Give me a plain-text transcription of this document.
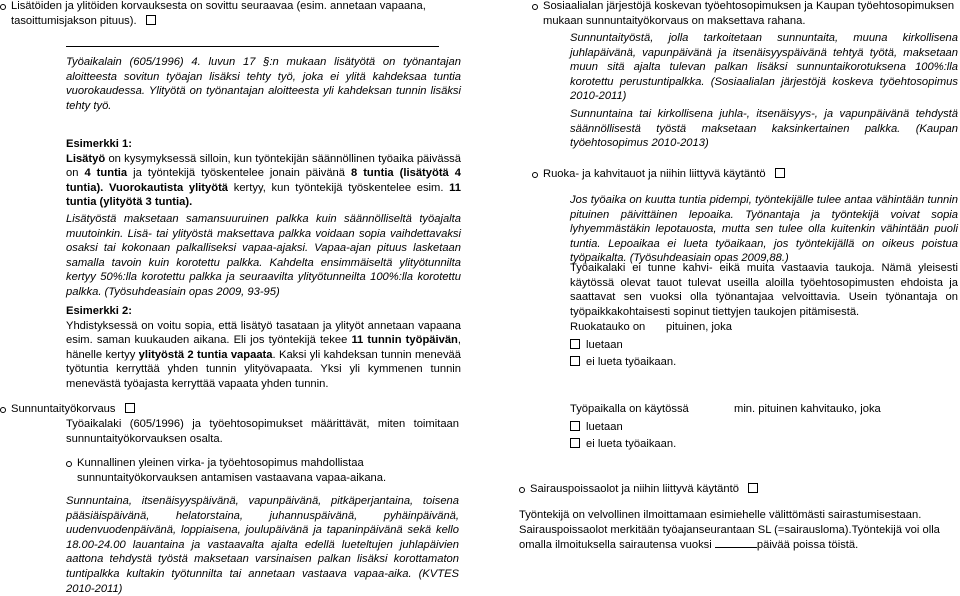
Lisätöiden ja ylitöiden korvauksesta on sovittu seuraavaa (esim. annetaan vapaana, tasoittumisjakson pituus).

Työaikalain (605/1996) 4. luvun 17 §:n mukaan lisätyötä on työnantajan aloitteesta sovitun työajan lisäksi tehty työ, joka ei ylitä kahdeksaa tuntia vuorokaudessa. Ylityötä on työnantajan aloitteesta yli kahdeksan tunnin lisäksi tehty työ.

Esimerkki 1:

Lisätyö on kysymyksessä silloin, kun työntekijän säännöllinen työaika päivässä on 4 tuntia ja työntekijä työskentelee jonain päivänä 8 tuntia (lisätyötä 4 tuntia). Vuorokautista ylityötä kertyy, kun työntekijä työskentelee esim. 11 tuntia (ylityötä 3 tuntia).

Lisätyöstä maksetaan samansuuruinen palkka kuin säännölliseltä työajalta muutoinkin. Lisä- tai ylityöstä maksettava palkka voidaan sopia vaihdettavaksi osaksi tai kokonaan palkalliseksi vapaa-ajaksi. Vapaa-ajan pituus lasketaan samalla tavoin kuin korotettu palkka. Kahdelta ensimmäiseltä ylityötunnilta kertyy 50%:lla korotettu palkka ja seuraavilta ylityötunneilta 100%:lla korotettu palkka. (Työsuhdeasiain opas 2009, 93-95)

Esimerkki 2:

Yhdistyksessä on voitu sopia, että lisätyö tasataan ja ylityöt annetaan vapaana esim. saman kuukauden aikana. Eli jos työntekijä tekee 11 tunnin työpäivän, hänelle kertyy ylityöstä 2 tuntia vapaata. Kaksi yli kahdeksan tunnin menevää työtuntia kerryttää yhden tunnin ylityövapaata. Yksi yli kymmenen tunnin menevästä työajasta kerryttää vapaata yhden tunnin.

Sunnuntaityökorvaus

Työaikalaki (605/1996) ja työehtosopimukset määrittävät, miten toimitaan sunnuntaityökorvauksen osalta.

Kunnallinen yleinen virka- ja työehtosopimus mahdollistaa sunnuntaityökorvauksen antamisen vastaavana vapaa-aikana.

Sunnuntaina, itsenäisyyspäivänä, vapunpäivänä, pitkäperjantaina, toisena pääsiäispäivänä, helatorstaina, juhannuspäivänä, pyhäinpäivänä, uudenvuodenpäivänä, loppiaisena, joulupäivänä ja tapaninpäivänä sekä kello 18.00-24.00 lauantaina ja vastaavalta ajalta edellä lueteltujen juhlapäivien aattona tehdystä työstä maksetaan varsinaisen palkan lisäksi korottamaton tuntipalkka kultakin työtunnilta tai annetaan vastaava vapaa-aika. (KVTES 2010-2011)

Sosiaalialan järjestöjä koskevan työehtosopimuksen ja Kaupan työehtosopimuksen mukaan sunnuntaityökorvaus on maksettava rahana.

Sunnuntaityöstä, jolla tarkoitetaan sunnuntaita, muuna kirkollisena juhlapäivänä, vapunpäivänä ja itsenäisyyspäivänä tehtyä työtä, maksetaan muun sitä ajalta tulevan palkan lisäksi sunnuntaikorotuksena 100%:lla korotettu perustuntipalkka. (Sosiaalialan järjestöjä koskeva työehtosopimus 2010-2011)

Sunnuntaina tai kirkollisena juhla-, itsenäisyys-, ja vapunpäivänä tehdystä säännöllisestä työstä maksetaan kaksinkertainen palkka. (Kaupan työehtosopimus 2010-2013)

Ruoka- ja kahvitauot ja niihin liittyvä käytäntö

Jos työaika on kuutta tuntia pidempi, työntekijälle tulee antaa vähintään tunnin pituinen päivittäinen lepoaika. Työnantaja ja työntekijä voivat sopia lyhyemmästäkin lepotauosta, mutta sen tulee olla kuitenkin vähintään puoli tuntia. Lepoaikaa ei lueta työaikaan, jos työntekijällä on oikeus poistua työpaikalta. (Työsuhdeasiain opas 2009,88.)

Työaikalaki ei tunne kahvi- eikä muita vastaavia taukoja. Nämä yleisesti käytössä olevat tauot tulevat useilla aloilla työehtosopimusten ehdoista ja saattavat sen vuoksi olla työnantajaa velvoittavia. Usein työnantaja on työpaikkakohtaisesti sopinut tiettyjen taukojen pitämisestä.

Ruokatauko on pituinen, joka

luetaan

ei lueta työaikaan.

Työpaikalla on käytössä	min. pituinen kahvitauko, joka

luetaan

ei lueta työaikaan.

Sairauspoissaolot ja niihin liittyvä käytäntö

Työntekijä on velvollinen ilmoittamaan esimiehelle välittömästi sairastumisestaan. Sairauspoissaolot merkitään työajanseurantaan SL (=sairausloma).Työntekijä voi olla omalla ilmoituksella sairautensa vuoksi	päivää poissa töistä.
